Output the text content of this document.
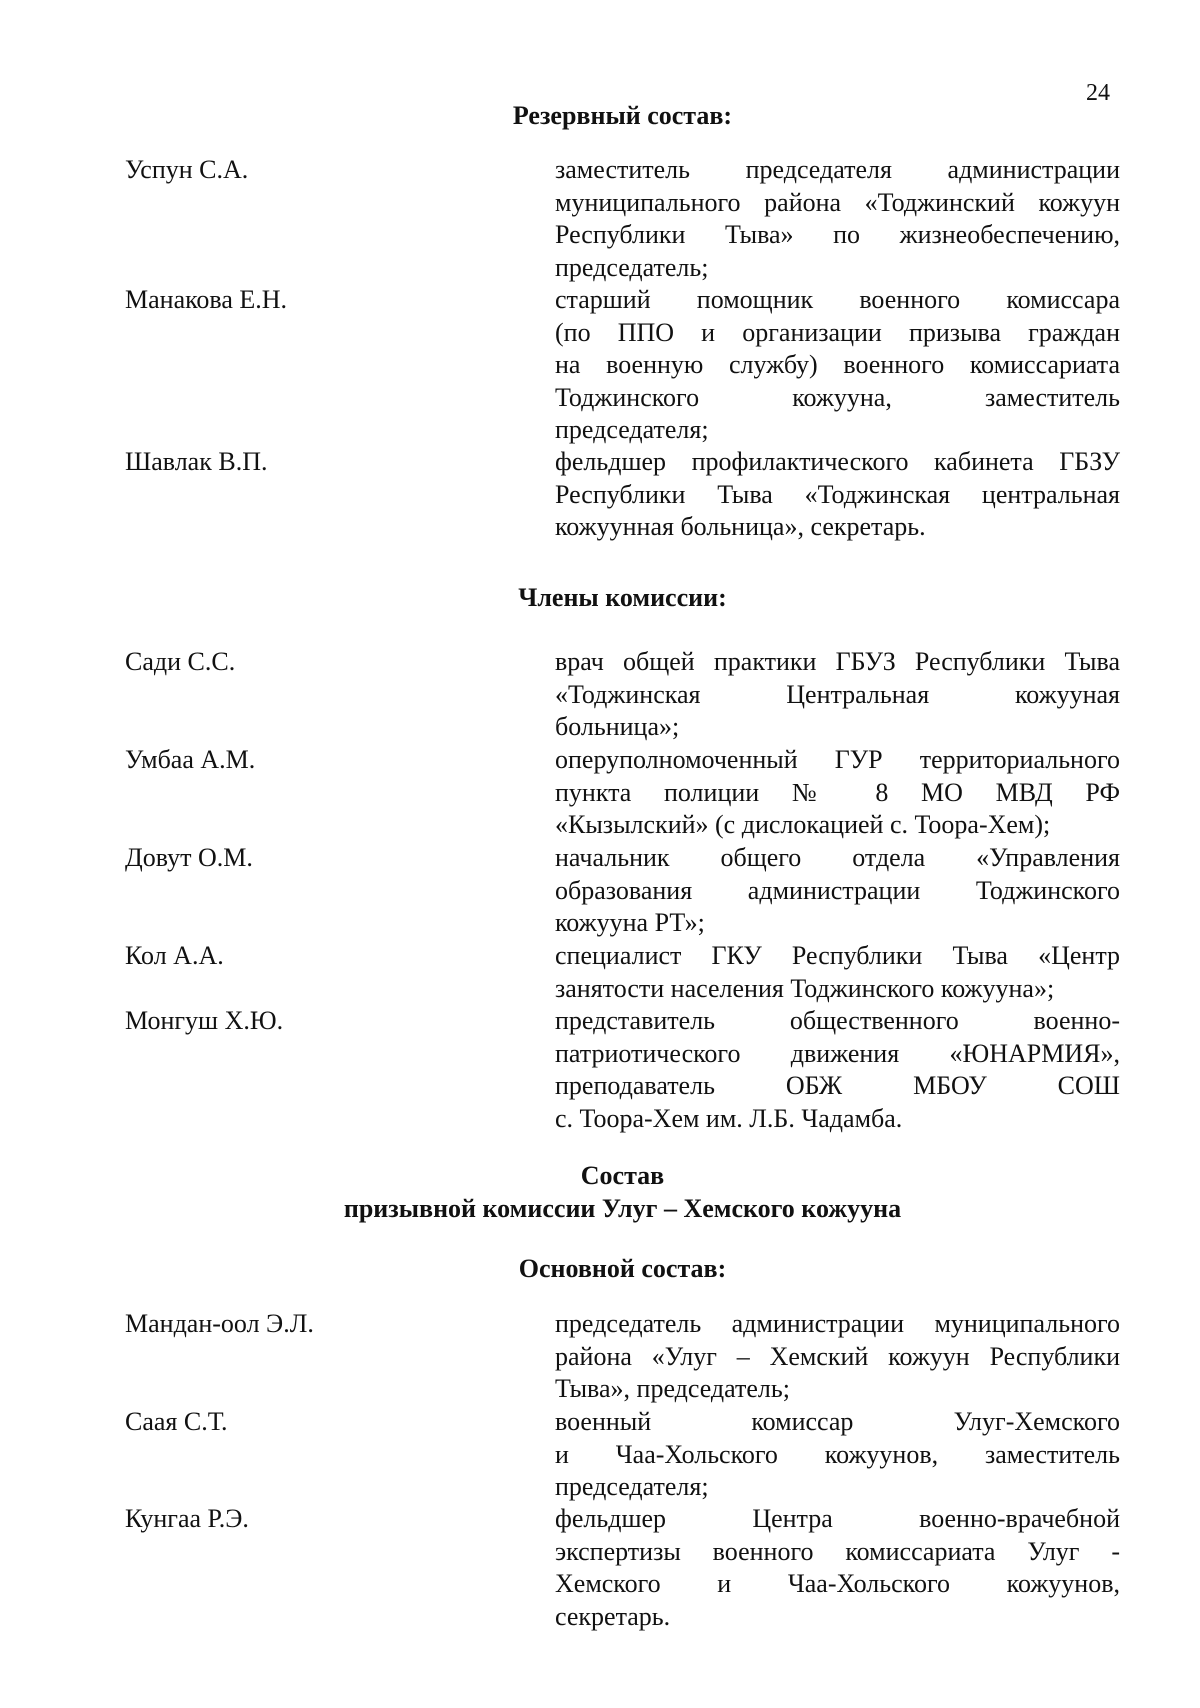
24
Резервный состав:
Успун С.А.	заместитель председателя администрации
муниципального района «Тоджинский кожуун
Республики Тыва» по жизнеобеспечению,
председатель;
Манакова Е.Н.	старший помощник военного комиссара
(по ППО и организации призыва граждан
на военную службу) военного комиссариата
Тоджинского кожууна, заместитель
председателя;
Шавлак В.П.	фельдшер профилактического кабинета ГБЗУ
Республики Тыва «Тоджинская центральная
кожуунная больница», секретарь.
Члены комиссии:
Сади С.С.	врач общей практики ГБУЗ Республики Тыва
«Тоджинская Центральная кожууная
больница»;
Умбаа А.М.	оперуполномоченный ГУР территориального
пункта полиции № 8 МО МВД РФ
«Кызылский» (с дислокацией с. Тоора-Хем);
Довут О.М.	начальник общего отдела «Управления
образования администрации Тоджинского
кожууна РТ»;
Кол А.А.	специалист ГКУ Республики Тыва «Центр
занятости населения Тоджинского кожууна»;
Монгуш Х.Ю.	представитель общественного военно-
патриотического движения «ЮНАРМИЯ»,
преподаватель ОБЖ МБОУ СОШ
с. Тоора-Хем им. Л.Б. Чадамба.
Состав
призывной комиссии Улуг – Хемского кожууна
Основной состав:
Мандан-оол Э.Л.	председатель администрации муниципального
района «Улуг – Хемский кожуун Республики
Тыва», председатель;
Саая С.Т.	военный комиссар Улуг-Хемского
и Чаа-Хольского кожуунов, заместитель
председателя;
Кунгаа Р.Э.	фельдшер Центра военно-врачебной
экспертизы военного комиссариата Улуг -
Хемского и Чаа-Хольского кожуунов,
секретарь.
